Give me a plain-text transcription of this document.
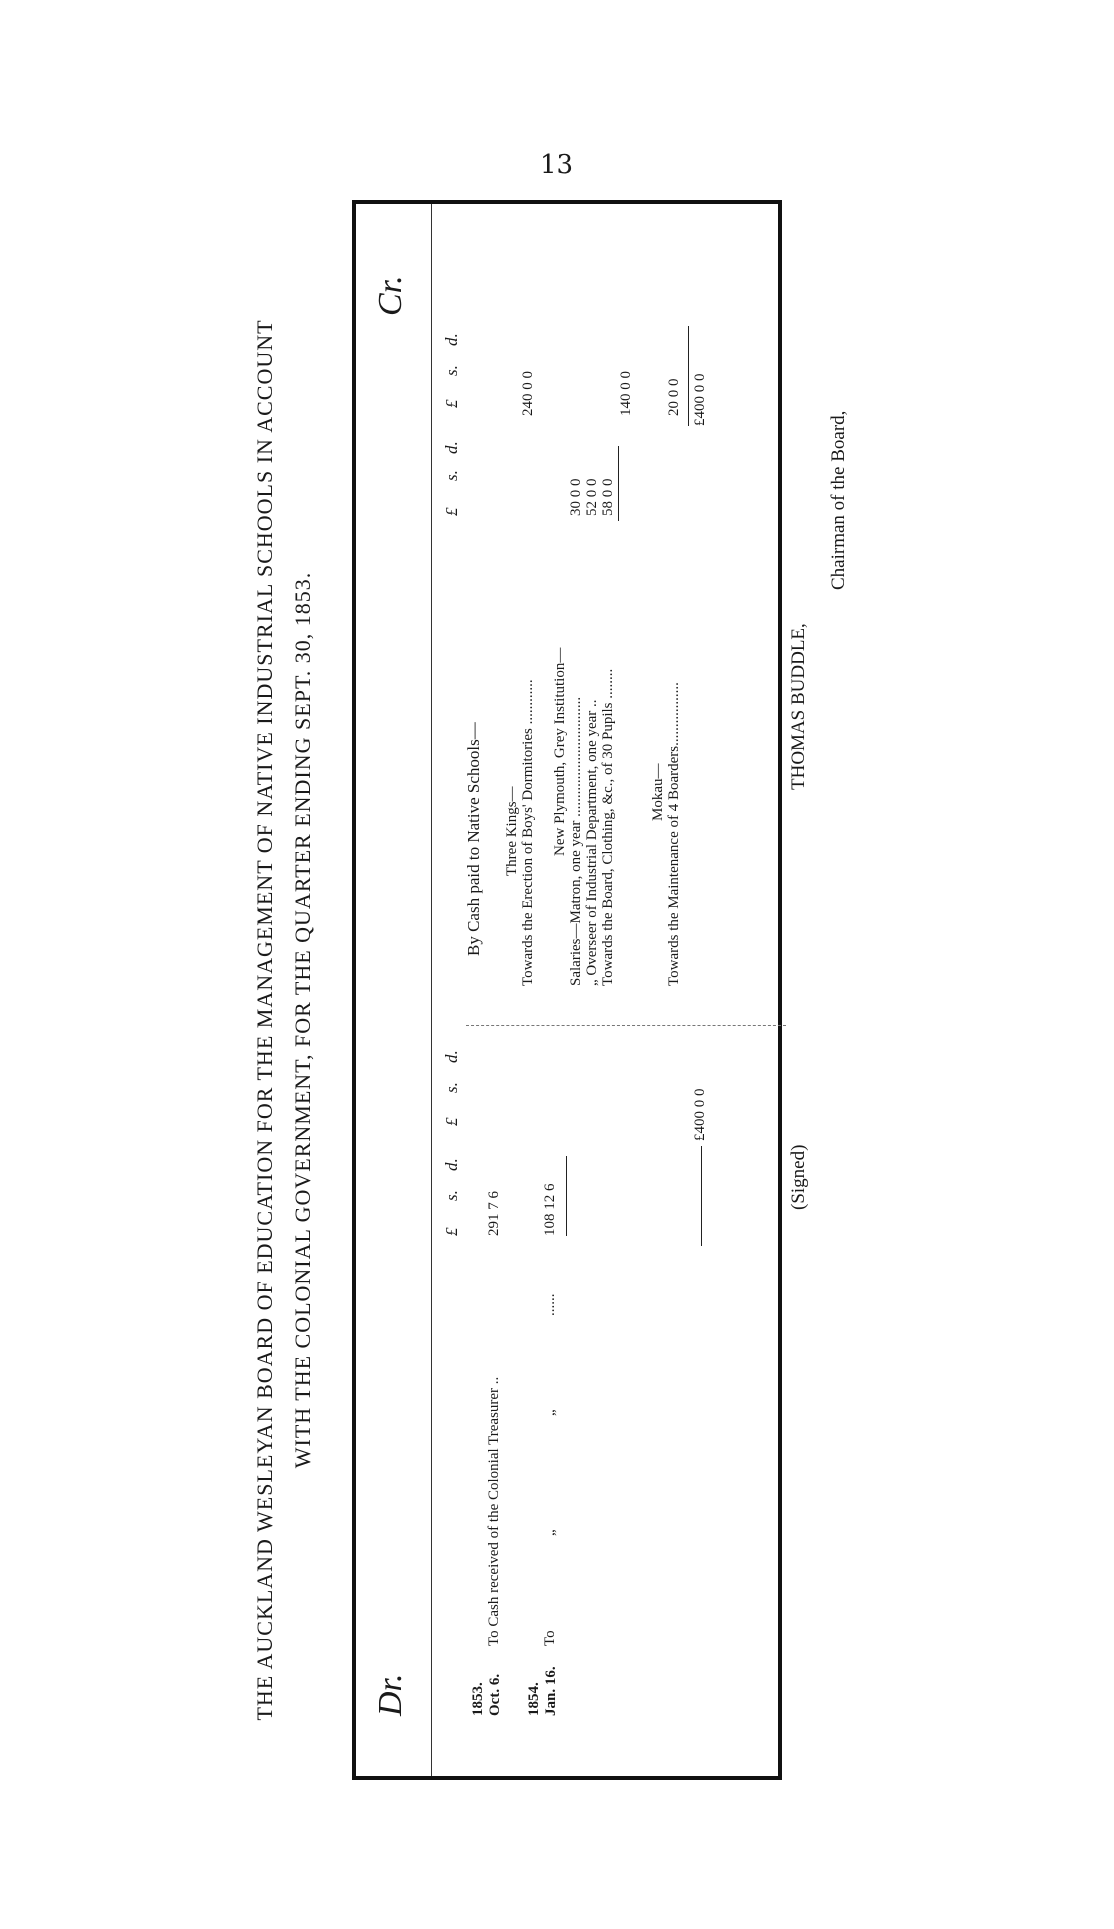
13
THE AUCKLAND WESLEYAN BOARD OF EDUCATION FOR THE MANAGEMENT OF NATIVE INDUSTRIAL SCHOOLS IN ACCOUNT WITH THE COLONIAL GOVERNMENT, FOR THE QUARTER ENDING SEPT. 30, 1853.
Dr.
£
s.
d.
£
s.
d.
1853. Oct. 6.
To Cash received of the Colonial Treasurer ..
291 7 6
1854. Jan. 16.
To
„
„
......
108 12 6
£400 0 0
Cr.
£
s.
d.
£
s.
d.
By Cash paid to Native Schools— Three Kings— Towards the Erection of Boys' Dormitories ............
240 0 0
New Plymouth, Grey Institution— Salaries—Matron, one year ................................
30 0 0
„ Overseer of Industrial Department, one year ..
52 0 0
Towards the Board, Clothing, &c., of 30 Pupils ........
58 0 0
140 0 0
Mokau— Towards the Maintenance of 4 Boarders.................
20 0 0 £400 0 0
(Signed)
THOMAS BUDDLE,
Chairman of the Board,
